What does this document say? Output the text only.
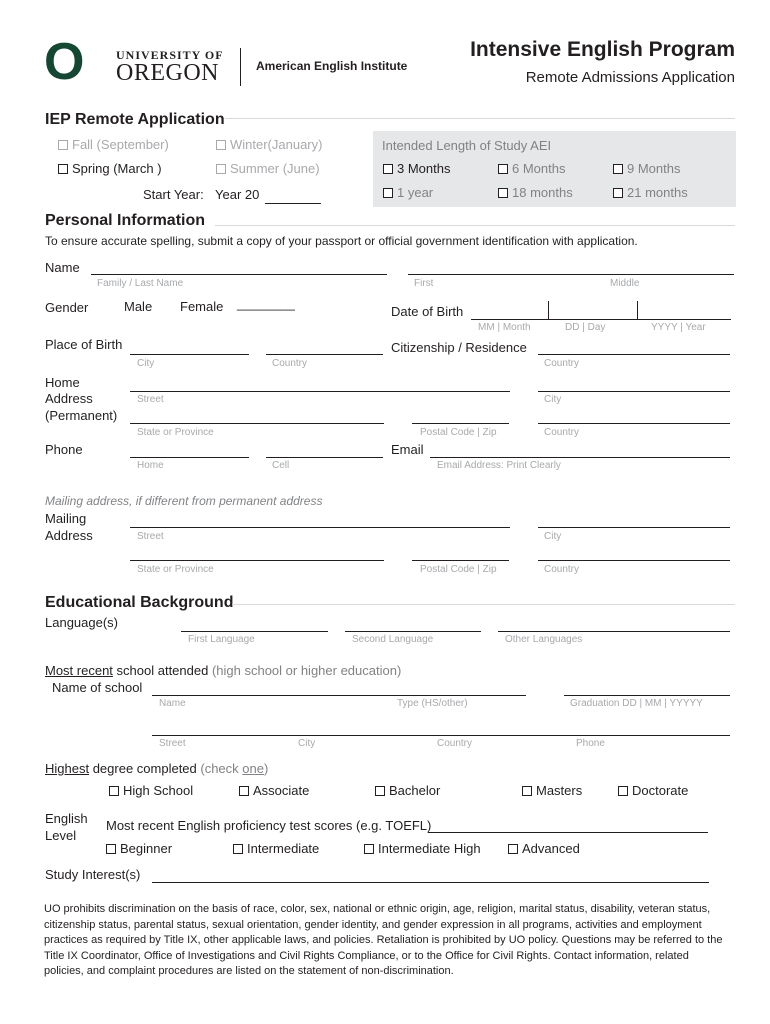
O	UNIVERSITY OF
OREGON	American English Institute
Intensive English Program
Remote Admissions Application
IEP Remote Application
Fall (September)	Winter(January)
Spring (March )	Summer (June)
Start Year: Year 20
Intended Length of Study AEI
3 Months	6 Months	9 Months
1 year	18 months	21 months
Personal Information
To ensure accurate spelling, submit a copy of your passport or official government identification with application.
Name
Family / Last Name	First	Middle
Gender	Male Female ________
Date of Birth
MM | Month	DD | Day	YYYY | Year
Place of Birth
City	Country
Citizenship / Residence
Country
Home
Address
(Permanent)
Street	City
State or Province	Postal Code | Zip	Country
Phone
Home	Cell
Email
Email Address: Print Clearly
Mailing address, if different from permanent address
Mailing
Address	Street	City
State or Province	Postal Code | Zip	Country
Educational Background
Language(s)
First Language	Second Language	Other Languages
Most recent school attended (high school or higher education)
Name of school
Name	Type (HS/other)	Graduation DD | MM | YYYYY
Street	City	Country	Phone
Highest degree completed (check one)
High School	Associate	Bachelor	Masters	Doctorate
English
Level
Most recent English proficiency test scores (e.g. TOEFL)
Beginner	Intermediate	Intermediate High	Advanced
Study Interest(s)
UO prohibits discrimination on the basis of race, color, sex, national or ethnic origin, age, religion, marital status, disability, veteran status, citizenship status, parental status, sexual orientation, gender identity, and gender expression in all programs, activities and employment practices as required by Title IX, other applicable laws, and policies. Retaliation is prohibited by UO policy. Questions may be referred to the Title IX Coordinator, Office of Investigations and Civil Rights Compliance, or to the Office for Civil Rights. Contact information, related policies, and complaint procedures are listed on the statement of non-discrimination.
